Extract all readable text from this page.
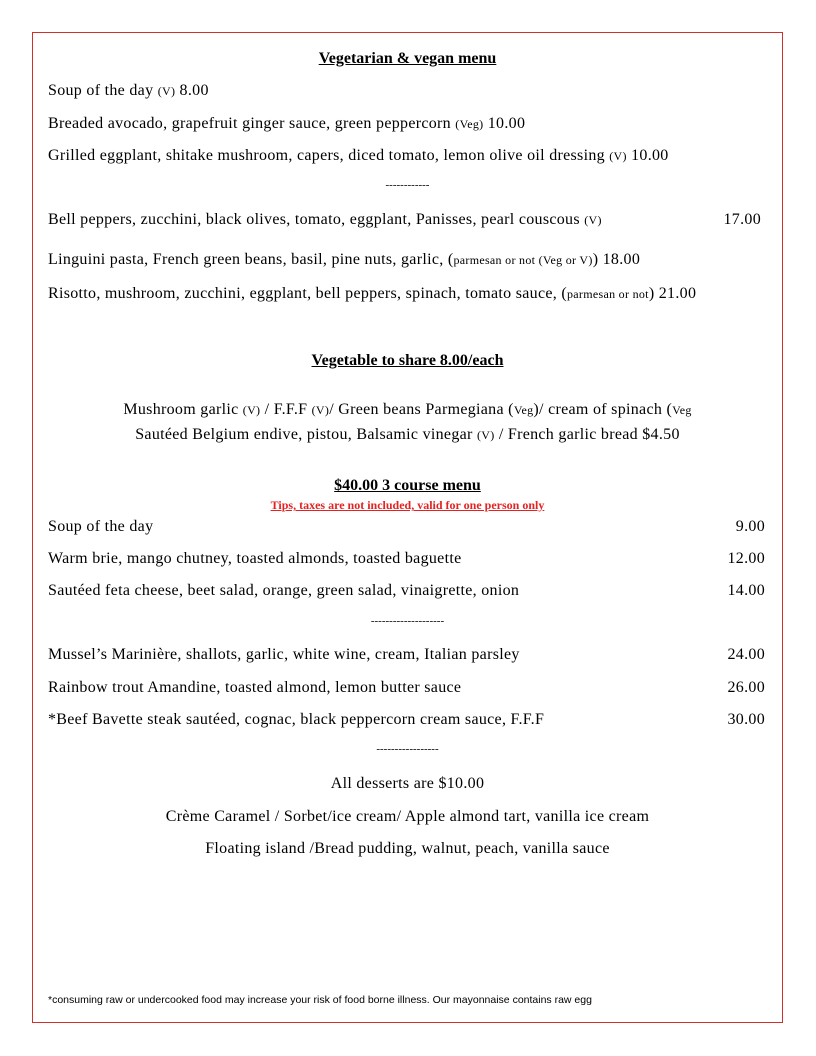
Vegetarian & vegan menu
Soup of the day (V) 8.00
Breaded avocado, grapefruit ginger sauce, green peppercorn (Veg) 10.00
Grilled eggplant, shitake mushroom, capers, diced tomato, lemon olive oil dressing (V) 10.00
------------
Bell peppers, zucchini, black olives, tomato, eggplant, Panisses, pearl couscous (V)	17.00
Linguini pasta, French green beans, basil, pine nuts, garlic, (parmesan or not (Veg or V)) 18.00
Risotto, mushroom, zucchini, eggplant, bell peppers, spinach, tomato sauce, (parmesan or not) 21.00
Vegetable to share 8.00/each
Mushroom garlic (V) / F.F.F (V)/ Green beans Parmegiana (Veg)/ cream of spinach (Veg
Sautéed Belgium endive, pistou, Balsamic vinegar (V) / French garlic bread $4.50
$40.00 3 course menu
Tips, taxes are not included, valid for one person only
Soup of the day	9.00
Warm brie, mango chutney, toasted almonds, toasted baguette	12.00
Sautéed feta cheese, beet salad, orange, green salad, vinaigrette, onion	14.00
--------------------
Mussel’s Marinière, shallots, garlic, white wine, cream, Italian parsley	24.00
Rainbow trout Amandine, toasted almond, lemon butter sauce	26.00
*Beef Bavette steak sautéed, cognac, black peppercorn cream sauce, F.F.F	30.00
-----------------
All desserts are $10.00
Crème Caramel / Sorbet/ice cream/ Apple almond tart, vanilla ice cream
Floating island /Bread pudding, walnut, peach, vanilla sauce
*consuming raw or undercooked food may increase your risk of food borne illness. Our mayonnaise contains raw egg
